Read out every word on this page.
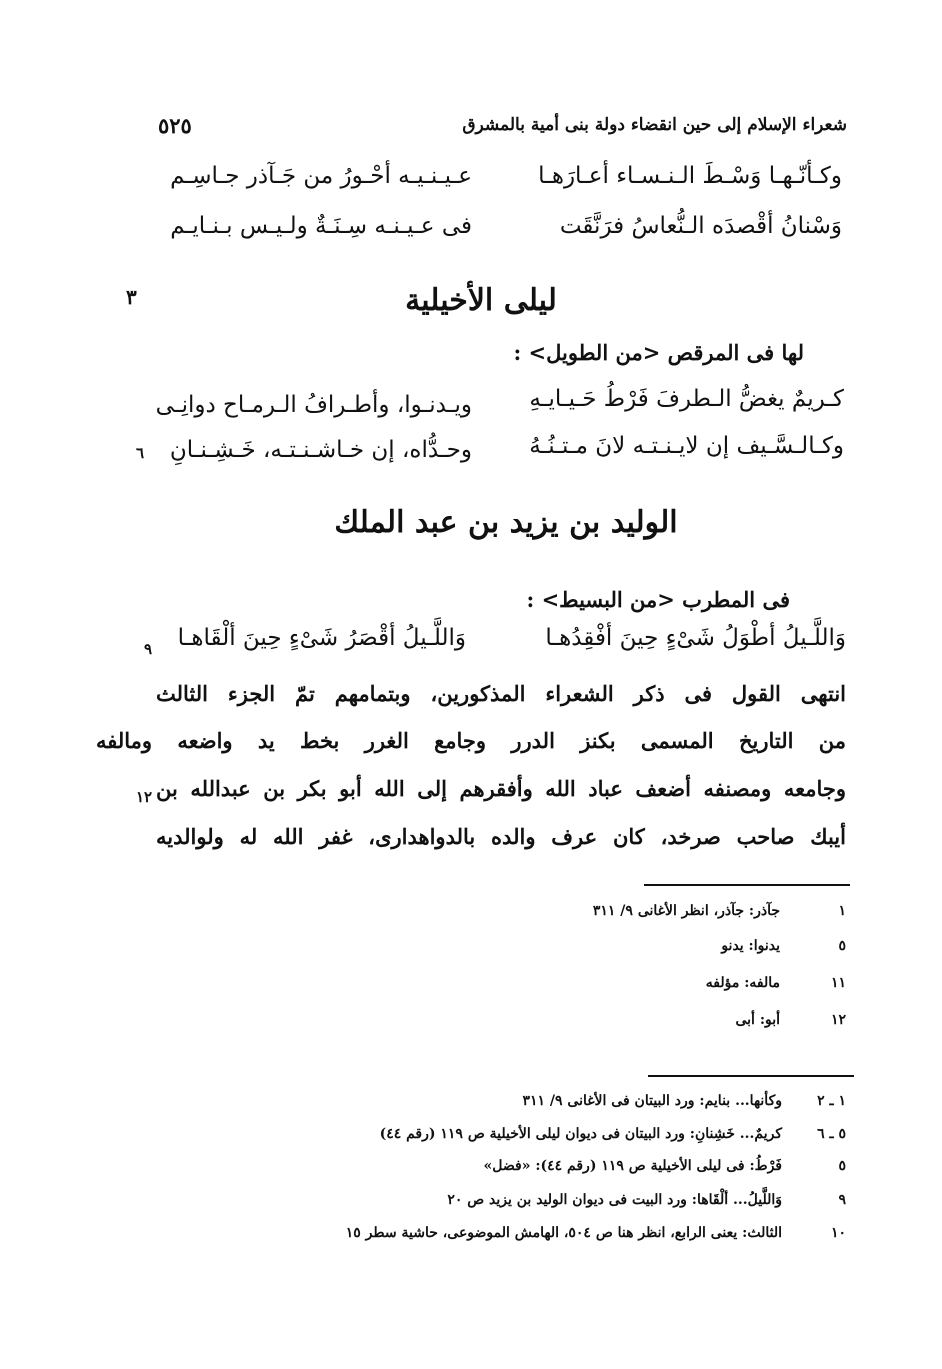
شعراء الإسلام إلى حين انقضاء دولة بنى أمية بالمشرق
٥٢٥
وكـأنّـهـا وَسْـطَ الـنـسـاء أعـارَهـا
عـيـنـيـه أحْـورُ من جَـآذر جـاسِـم
وَسْنانُ أقْصدَه الـنُّعاسُ فرَنَّقَت
فى عـيـنـه سِـنَـةٌ ولـيـس بـنـايـم
٣	ليلى الأخيلية
لها فى المرقص <من الطويل> :
كـريمٌ يغضُّ الـطرفَ فَرْطُ حَـيـايـهِ
ويـدنـوا، وأطـرافُ الـرمـاح دوانِـى
وكـالـسَّـيف إن لايـنـتـه لانَ مـتـنُـهُ
وحـدُّاه، إن خـاشـنـتـه، خَـشِـنـانِ
٦
الوليد بن يزيد بن عبد الملك
فى المطرب <من البسيط> :
وَاللَّـيلُ أطْوَلُ شَىْءٍ حِينَ أفْقِدُهـا
وَاللَّـيلُ أقْصَرُ شَىْءٍ حِينَ ألْقَاهـا
٩
انتهى القول فى ذكر الشعراء المذكورين، وبتمامهم تمّ الجزء الثالث
من التاريخ المسمى بكنز الدرر وجامع الغرر بخط يد واضعه ومالفه
وجامعه ومصنفه أضعف عباد الله وأفقرهم إلى الله أبو بكر بن عبدالله بن
١٢
أيبك صاحب صرخد، كان عرف والده بالدواهدارى، غفر الله له ولوالديه
١
جآذر: جآذر، انظر الأغانى ٩/ ٣١١
٥
يدنوا: يدنو
١١
مالفه: مؤلفه
١٢
أبو: أبى
١ ـ ٢
وكأنها... بنايم: ورد البيتان فى الأغانى ٩/ ٣١١
٥ ـ ٦
كريمٌ... خَشِنانِ: ورد البيتان فى ديوان ليلى الأخيلية ص ١١٩ (رقم ٤٤)
٥
فَرْطُ: فى ليلى الأخيلية ص ١١٩ (رقم ٤٤): «فضل»
٩
وَاللَّيلُ... ألْقَاها: ورد البيت فى ديوان الوليد بن يزيد ص ٢٠
١٠
الثالث: يعنى الرابع، انظر هنا ص ٥٠٤، الهامش الموضوعى، حاشية سطر ١٥
